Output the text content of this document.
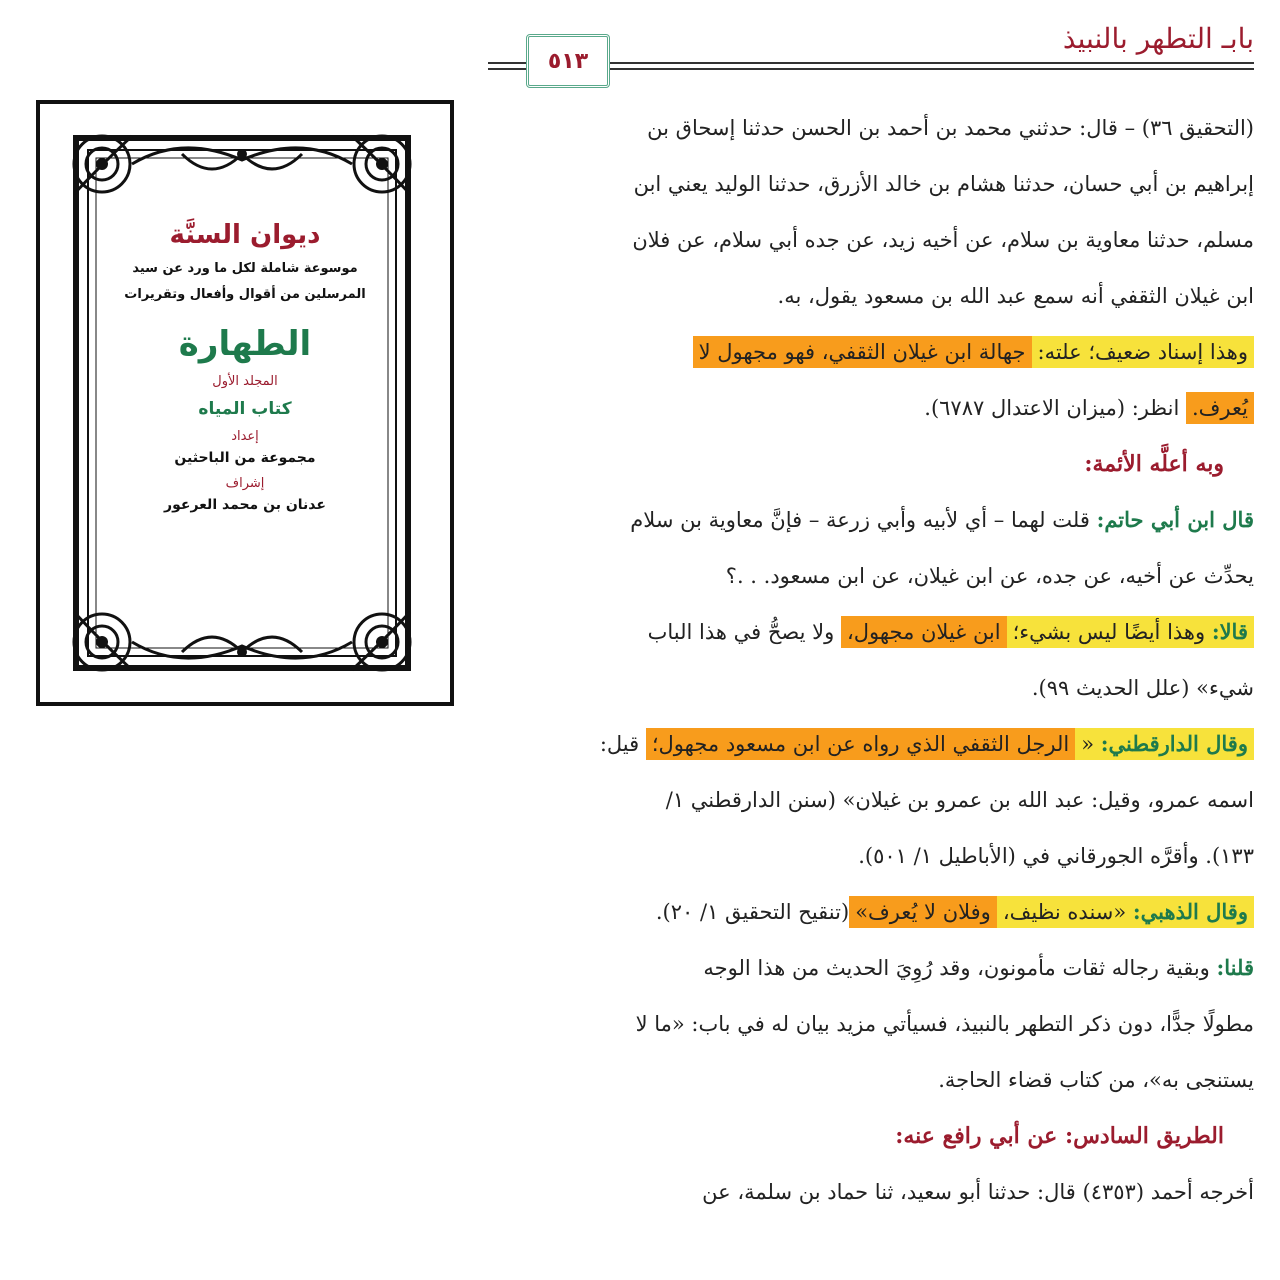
بابـ التطهر بالنبيذ
٥١٣
ديوان السنَّة
موسوعة شاملة لكل ما ورد عن سيد
المرسلين من أقوال وأفعال وتقريرات
الطهارة
المجلد الأول
كتاب المياه
إعداد
مجموعة من الباحثين
إشراف
عدنان بن محمد العرعور

(التحقيق ٣٦) – قال: حدثني محمد بن أحمد بن الحسن حدثنا إسحاق بن
إبراهيم بن أبي حسان، حدثنا هشام بن خالد الأزرق، حدثنا الوليد يعني ابن
مسلم، حدثنا معاوية بن سلام، عن أخيه زيد، عن جده أبي سلام، عن فلان
ابن غيلان الثقفي أنه سمع عبد الله بن مسعود يقول، به.

وهذا إسناد ضعيف؛ علته:جهالة ابن غيلان الثقفي، فهو مجهول لا
يُعرف. انظر: (ميزان الاعتدال ٦٧٨٧).

وبه أعلَّه الأئمة:

قال ابن أبي حاتم: قلت لهما – أي لأبيه وأبي زرعة – فإنَّ معاوية بن سلام
يحدِّث عن أخيه، عن جده، عن ابن غيلان، عن ابن مسعود. . .؟

قالا: وهذا أيضًا ليس بشيء؛ابن غيلان مجهول، ولا يصحُّ في هذا الباب
شيء» (علل الحديث ٩٩).

وقال الدارقطني: «الرجل الثقفي الذي رواه عن ابن مسعود مجهول؛ قيل:
اسمه عمرو، وقيل: عبد الله بن عمرو بن غيلان» (سنن الدارقطني ١/
١٣٣). وأقرَّه الجورقاني في (الأباطيل ١/ ٥٠١).

وقال الذهبي: «سنده نظيف،وفلان لا يُعرف»(تنقيح التحقيق ١/ ٢٠).

قلنا: وبقية رجاله ثقات مأمونون، وقد رُوِيَ الحديث من هذا الوجه
مطولًا جدًّا، دون ذكر التطهر بالنبيذ، فسيأتي مزيد بيان له في باب: «ما لا
يستنجى به»، من كتاب قضاء الحاجة.

الطريق السادس: عن أبي رافع عنه:

أخرجه أحمد (٤٣٥٣) قال: حدثنا أبو سعيد، ثنا حماد بن سلمة، عن
